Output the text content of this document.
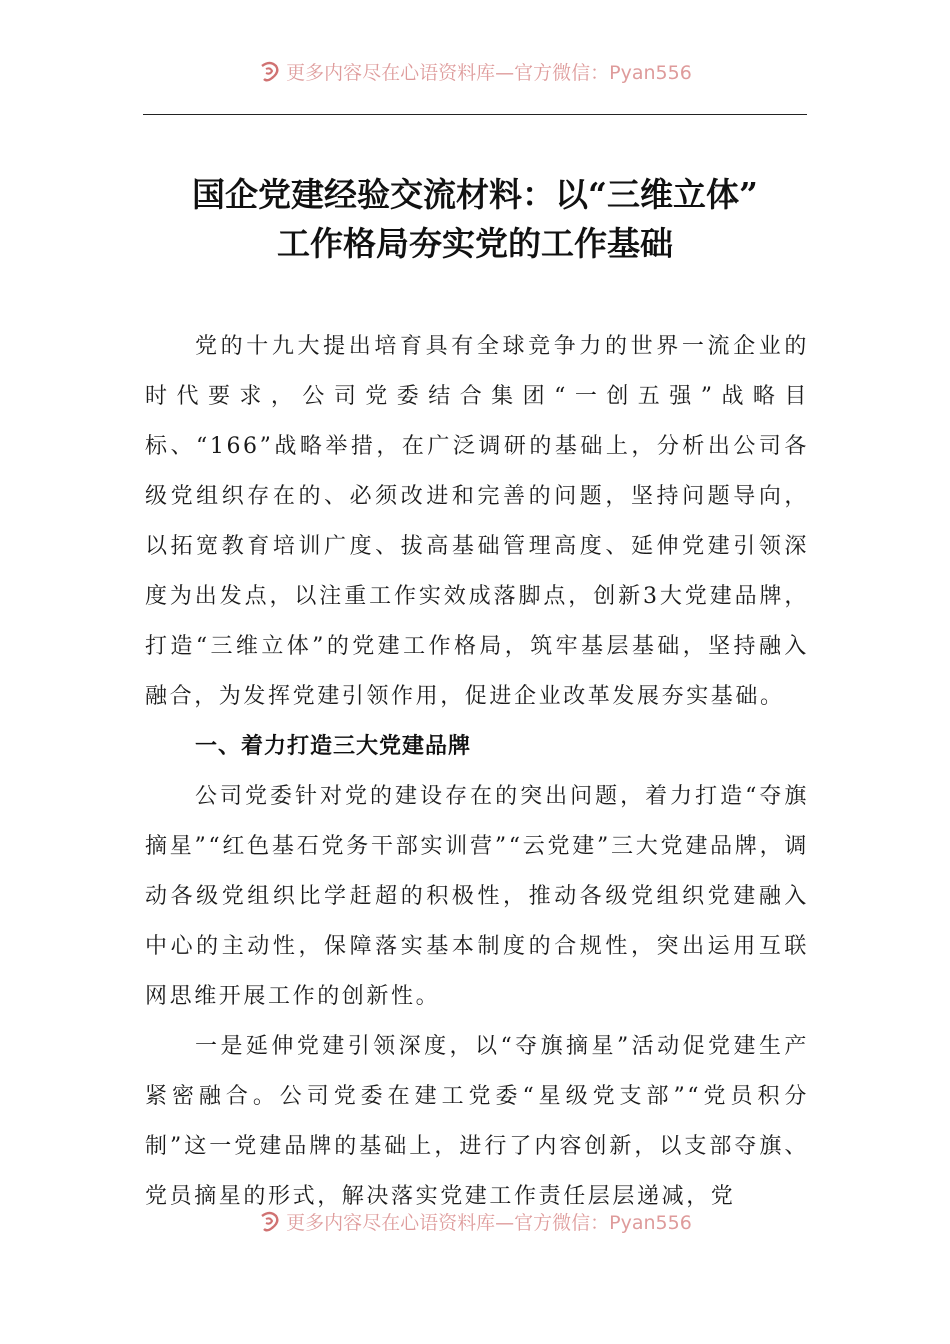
更多内容尽在心语资料库—官方微信：Pyan556
国企党建经验交流材料：以“三维立体”
工作格局夯实党的工作基础

党的十九大提出培育具有全球竞争力的世界一流企业的时代要求，公司党委结合集团“一创五强”战略目标、“166”战略举措，在广泛调研的基础上，分析出公司各级党组织存在的、必须改进和完善的问题，坚持问题导向，以拓宽教育培训广度、拔高基础管理高度、延伸党建引领深度为出发点，以注重工作实效成落脚点，创新3大党建品牌，打造“三维立体”的党建工作格局，筑牢基层基础，坚持融入融合，为发挥党建引领作用，促进企业改革发展夯实基础。

一、着力打造三大党建品牌

公司党委针对党的建设存在的突出问题，着力打造“夺旗摘星”“红色基石党务干部实训营”“云党建”三大党建品牌，调动各级党组织比学赶超的积极性，推动各级党组织党建融入中心的主动性，保障落实基本制度的合规性，突出运用互联网思维开展工作的创新性。

一是延伸党建引领深度，以“夺旗摘星”活动促党建生产紧密融合。公司党委在建工党委“星级党支部”“党员积分制”这一党建品牌的基础上，进行了内容创新，以支部夺旗、党员摘星的形式，解决落实党建工作责任层层递减，党

更多内容尽在心语资料库—官方微信：Pyan556
